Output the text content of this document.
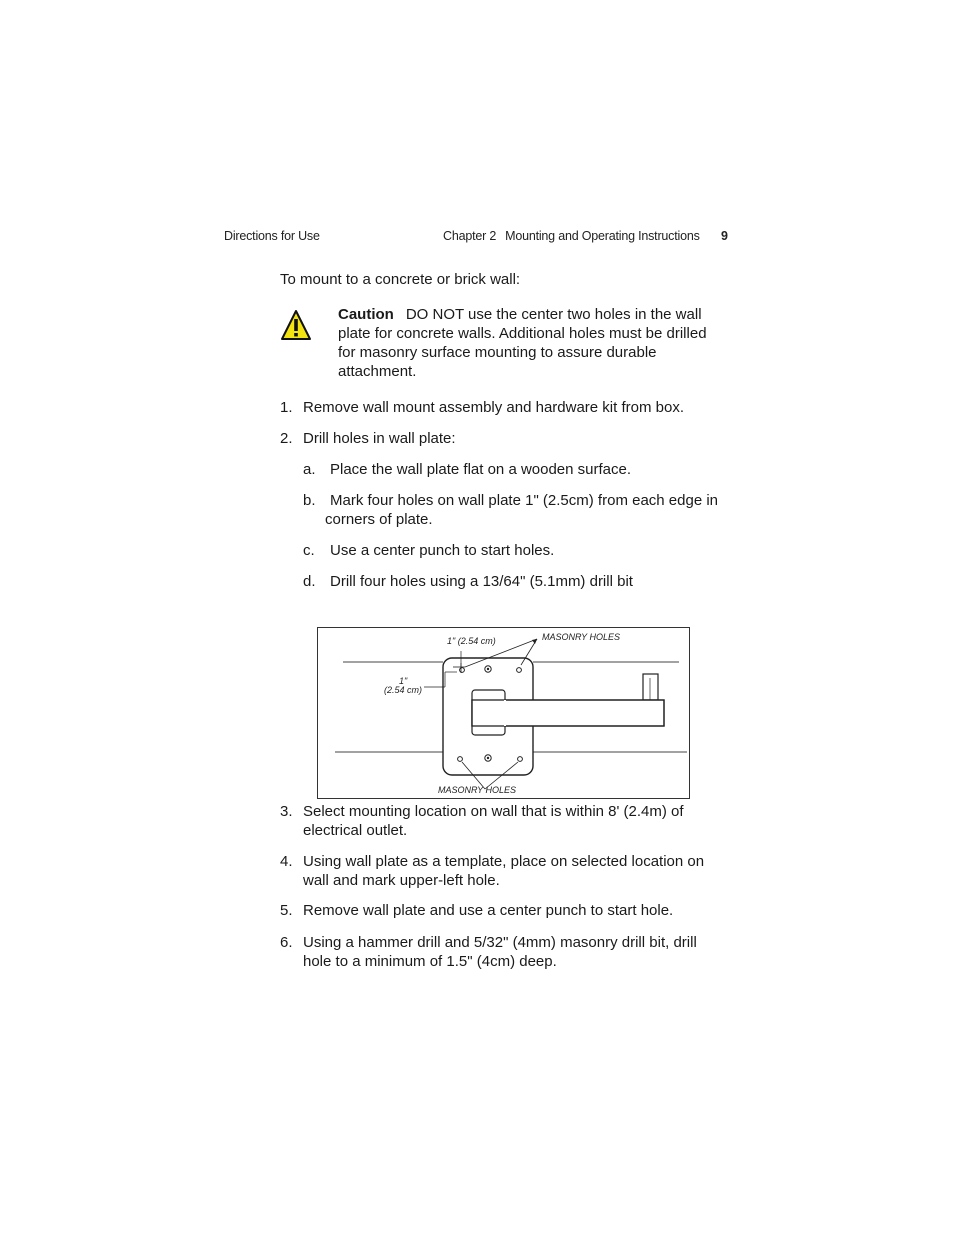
Directions for Use	Chapter 2 Mounting and Operating Instructions 9
To mount to a concrete or brick wall:
Caution DO NOT use the center two holes in the wall
plate for concrete walls. Additional holes must be drilled
for masonry surface mounting to assure durable
attachment.
1. Remove wall mount assembly and hardware kit from box.
2. Drill holes in wall plate:
a. Place the wall plate flat on a wooden surface.
b. Mark four holes on wall plate 1" (2.5cm) from each edge in
corners of plate.
c. Use a center punch to start holes.
d. Drill four holes using a 13/64" (5.1mm) drill bit
1" (2.54 cm)	MASONRY HOLES
1"
(2.54 cm)
MASONRY HOLES
3. Select mounting location on wall that is within 8' (2.4m) of
electrical outlet.
4. Using wall plate as a template, place on selected location on
wall and mark upper-left hole.
5. Remove wall plate and use a center punch to start hole.
6. Using a hammer drill and 5/32" (4mm) masonry drill bit, drill
hole to a minimum of 1.5" (4cm) deep.
